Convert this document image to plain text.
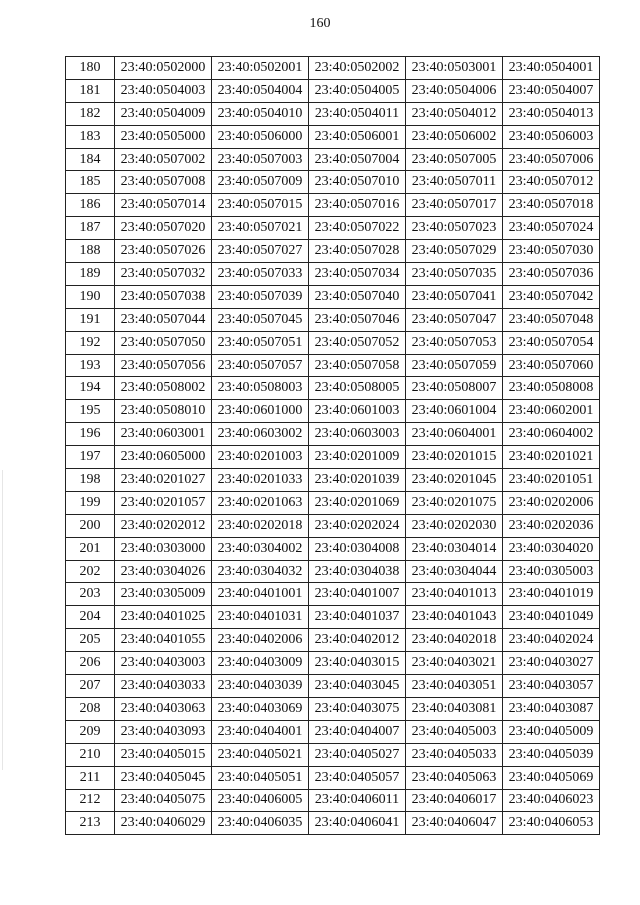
160
180	23:40:0502000	23:40:0502001	23:40:0502002	23:40:0503001	23:40:0504001
181	23:40:0504003	23:40:0504004	23:40:0504005	23:40:0504006	23:40:0504007
182	23:40:0504009	23:40:0504010	23:40:0504011	23:40:0504012	23:40:0504013
183	23:40:0505000	23:40:0506000	23:40:0506001	23:40:0506002	23:40:0506003
184	23:40:0507002	23:40:0507003	23:40:0507004	23:40:0507005	23:40:0507006
185	23:40:0507008	23:40:0507009	23:40:0507010	23:40:0507011	23:40:0507012
186	23:40:0507014	23:40:0507015	23:40:0507016	23:40:0507017	23:40:0507018
187	23:40:0507020	23:40:0507021	23:40:0507022	23:40:0507023	23:40:0507024
188	23:40:0507026	23:40:0507027	23:40:0507028	23:40:0507029	23:40:0507030
189	23:40:0507032	23:40:0507033	23:40:0507034	23:40:0507035	23:40:0507036
190	23:40:0507038	23:40:0507039	23:40:0507040	23:40:0507041	23:40:0507042
191	23:40:0507044	23:40:0507045	23:40:0507046	23:40:0507047	23:40:0507048
192	23:40:0507050	23:40:0507051	23:40:0507052	23:40:0507053	23:40:0507054
193	23:40:0507056	23:40:0507057	23:40:0507058	23:40:0507059	23:40:0507060
194	23:40:0508002	23:40:0508003	23:40:0508005	23:40:0508007	23:40:0508008
195	23:40:0508010	23:40:0601000	23:40:0601003	23:40:0601004	23:40:0602001
196	23:40:0603001	23:40:0603002	23:40:0603003	23:40:0604001	23:40:0604002
197	23:40:0605000	23:40:0201003	23:40:0201009	23:40:0201015	23:40:0201021
198	23:40:0201027	23:40:0201033	23:40:0201039	23:40:0201045	23:40:0201051
199	23:40:0201057	23:40:0201063	23:40:0201069	23:40:0201075	23:40:0202006
200	23:40:0202012	23:40:0202018	23:40:0202024	23:40:0202030	23:40:0202036
201	23:40:0303000	23:40:0304002	23:40:0304008	23:40:0304014	23:40:0304020
202	23:40:0304026	23:40:0304032	23:40:0304038	23:40:0304044	23:40:0305003
203	23:40:0305009	23:40:0401001	23:40:0401007	23:40:0401013	23:40:0401019
204	23:40:0401025	23:40:0401031	23:40:0401037	23:40:0401043	23:40:0401049
205	23:40:0401055	23:40:0402006	23:40:0402012	23:40:0402018	23:40:0402024
206	23:40:0403003	23:40:0403009	23:40:0403015	23:40:0403021	23:40:0403027
207	23:40:0403033	23:40:0403039	23:40:0403045	23:40:0403051	23:40:0403057
208	23:40:0403063	23:40:0403069	23:40:0403075	23:40:0403081	23:40:0403087
209	23:40:0403093	23:40:0404001	23:40:0404007	23:40:0405003	23:40:0405009
210	23:40:0405015	23:40:0405021	23:40:0405027	23:40:0405033	23:40:0405039
211	23:40:0405045	23:40:0405051	23:40:0405057	23:40:0405063	23:40:0405069
212	23:40:0405075	23:40:0406005	23:40:0406011	23:40:0406017	23:40:0406023
213	23:40:0406029	23:40:0406035	23:40:0406041	23:40:0406047	23:40:0406053
